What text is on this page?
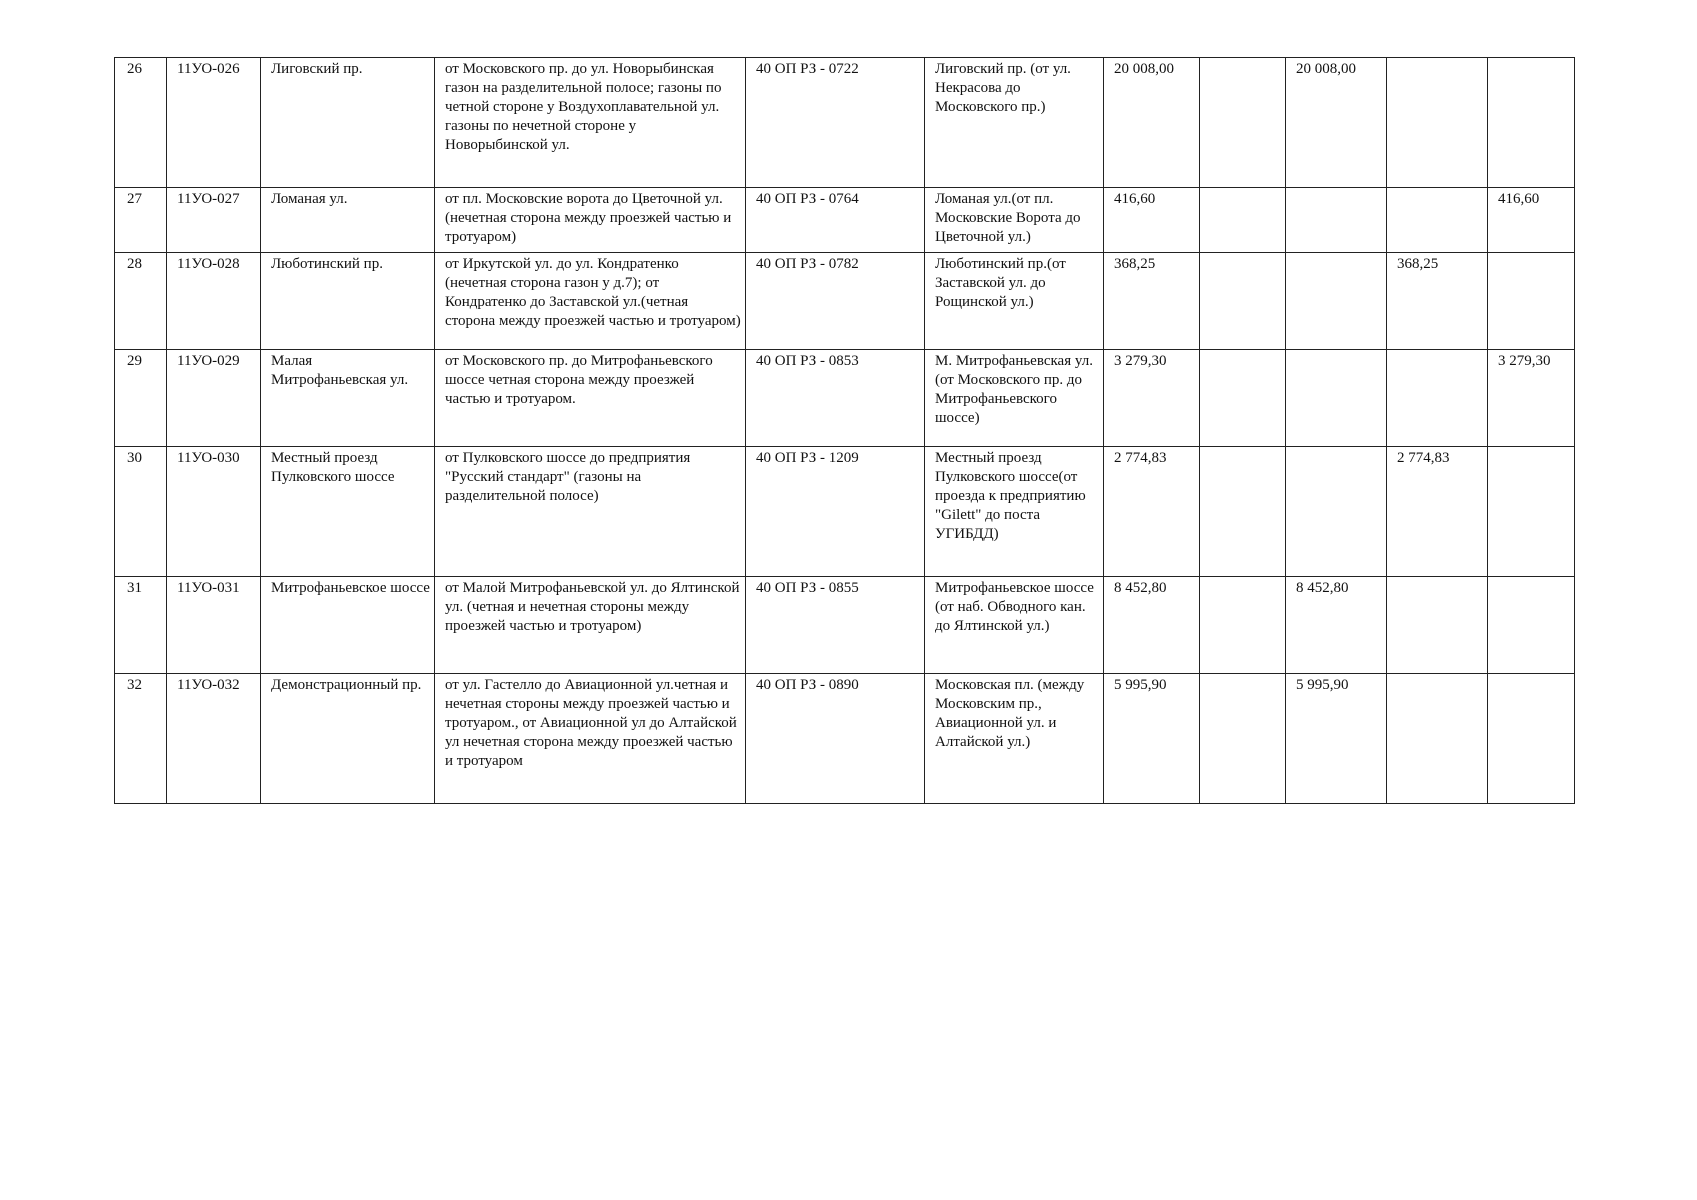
26	11УО-026	Лиговский пр.	от Московского пр. до ул. Новорыбинская газон на разделительной полосе; газоны по четной стороне у Воздухоплавательной ул. газоны по нечетной стороне у Новорыбинской ул.	40 ОП РЗ - 0722	Лиговский пр. (от ул. Некрасова до Московского пр.)	20 008,00		20 008,00		
27	11УО-027	Ломаная ул.	от пл. Московские ворота до Цветочной ул. (нечетная сторона между проезжей частью и тротуаром)	40 ОП РЗ - 0764	Ломаная ул.(от пл. Московские Ворота до Цветочной ул.)	416,60				416,60
28	11УО-028	Люботинский пр.	от Иркутской ул. до ул. Кондратенко (нечетная сторона газон у д.7); от Кондратенко до Заставской ул.(четная сторона между проезжей частью и тротуаром)	40 ОП РЗ - 0782	Люботинский пр.(от Заставской ул. до Рощинской ул.)	368,25			368,25	
29	11УО-029	Малая Митрофаньевская ул.	от Московского пр. до Митрофаньевского шоссе четная сторона между проезжей частью и тротуаром.	40 ОП РЗ - 0853	М. Митрофаньевская ул. (от Московского пр. до Митрофаньевского шоссе)	3 279,30				3 279,30
30	11УО-030	Местный проезд Пулковского шоссе	от Пулковского шоссе до предприятия "Русский стандарт" (газоны на разделительной полосе)	40 ОП РЗ - 1209	Местный проезд Пулковского шоссе(от проезда к предприятию "Gilett" до поста УГИБДД)	2 774,83			2 774,83	
31	11УО-031	Митрофаньевское шоссе	от Малой Митрофаньевской ул. до Ялтинской ул. (четная и нечетная стороны между проезжей частью и тротуаром)	40 ОП РЗ - 0855	Митрофаньевское шоссе (от наб. Обводного кан. до Ялтинской ул.)	8 452,80		8 452,80		
32	11УО-032	Демонстрационный пр.	от ул. Гастелло до Авиационной ул.четная и нечетная стороны между проезжей частью и тротуаром., от Авиационной ул до Алтайской ул нечетная сторона между проезжей частью и тротуаром	40 ОП РЗ - 0890	Московская пл. (между Московским пр., Авиационной ул. и Алтайской ул.)	5 995,90		5 995,90		
